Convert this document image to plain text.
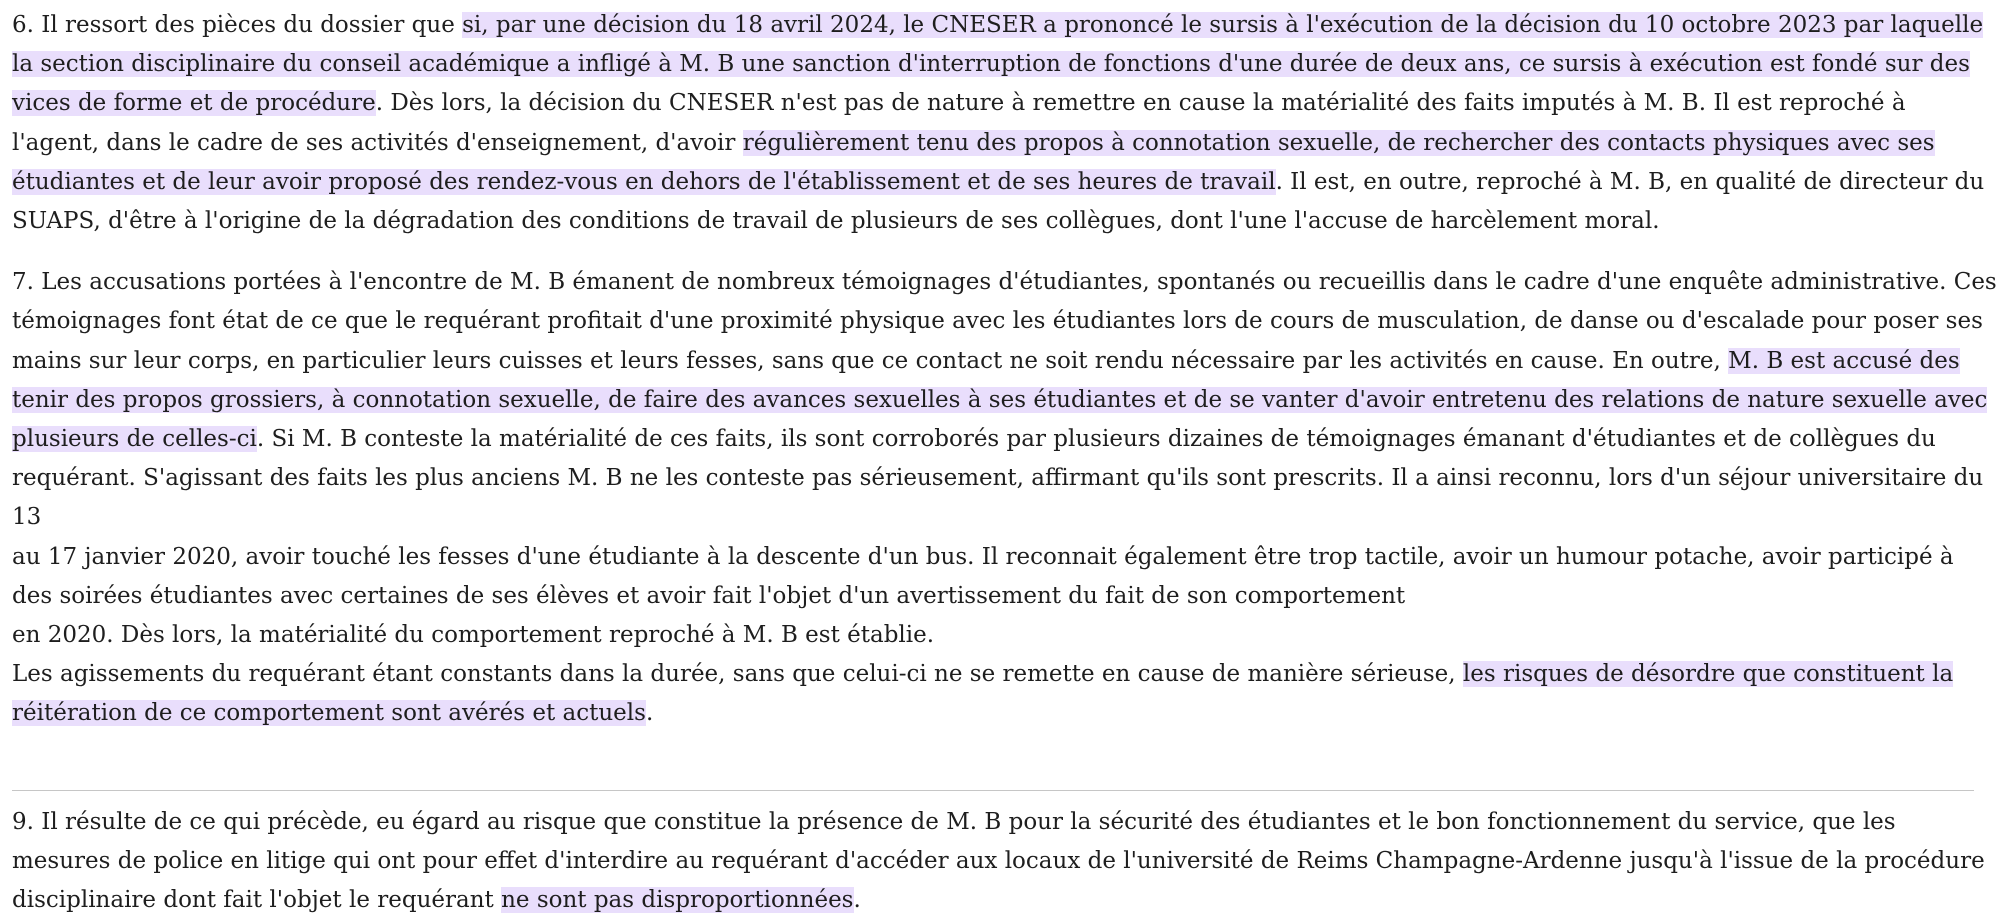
6. Il ressort des pièces du dossier que si, par une décision du 18 avril 2024, le CNESER a prononcé le sursis à l'exécution de la décision du 10 octobre 2023 par laquelle la section disciplinaire du conseil académique a infligé à M. B une sanction d'interruption de fonctions d'une durée de deux ans, ce sursis à exécution est fondé sur des vices de forme et de procédure. Dès lors, la décision du CNESER n'est pas de nature à remettre en cause la matérialité des faits imputés à M. B. Il est reproché à l'agent, dans le cadre de ses activités d'enseignement, d'avoir régulièrement tenu des propos à connotation sexuelle, de rechercher des contacts physiques avec ses étudiantes et de leur avoir proposé des rendez-vous en dehors de l'établissement et de ses heures de travail. Il est, en outre, reproché à M. B, en qualité de directeur du SUAPS, d'être à l'origine de la dégradation des conditions de travail de plusieurs de ses collègues, dont l'une l'accuse de harcèlement moral.

7. Les accusations portées à l'encontre de M. B émanent de nombreux témoignages d'étudiantes, spontanés ou recueillis dans le cadre d'une enquête administrative. Ces témoignages font état de ce que le requérant profitait d'une proximité physique avec les étudiantes lors de cours de musculation, de danse ou d'escalade pour poser ses mains sur leur corps, en particulier leurs cuisses et leurs fesses, sans que ce contact ne soit rendu nécessaire par les activités en cause. En outre, M. B est accusé des tenir des propos grossiers, à connotation sexuelle, de faire des avances sexuelles à ses étudiantes et de se vanter d'avoir entretenu des relations de nature sexuelle avec plusieurs de celles-ci. Si M. B conteste la matérialité de ces faits, ils sont corroborés par plusieurs dizaines de témoignages émanant d'étudiantes et de collègues du requérant. S'agissant des faits les plus anciens M. B ne les conteste pas sérieusement, affirmant qu'ils sont prescrits. Il a ainsi reconnu, lors d'un séjour universitaire du 13
au 17 janvier 2020, avoir touché les fesses d'une étudiante à la descente d'un bus. Il reconnait également être trop tactile, avoir un humour potache, avoir participé à des soirées étudiantes avec certaines de ses élèves et avoir fait l'objet d'un avertissement du fait de son comportement
en 2020. Dès lors, la matérialité du comportement reproché à M. B est établie.
Les agissements du requérant étant constants dans la durée, sans que celui-ci ne se remette en cause de manière sérieuse, les risques de désordre que constituent la réitération de ce comportement sont avérés et actuels.

9. Il résulte de ce qui précède, eu égard au risque que constitue la présence de M. B pour la sécurité des étudiantes et le bon fonctionnement du service, que les mesures de police en litige qui ont pour effet d'interdire au requérant d'accéder aux locaux de l'université de Reims Champagne-Ardenne jusqu'à l'issue de la procédure disciplinaire dont fait l'objet le requérant ne sont pas disproportionnées.
